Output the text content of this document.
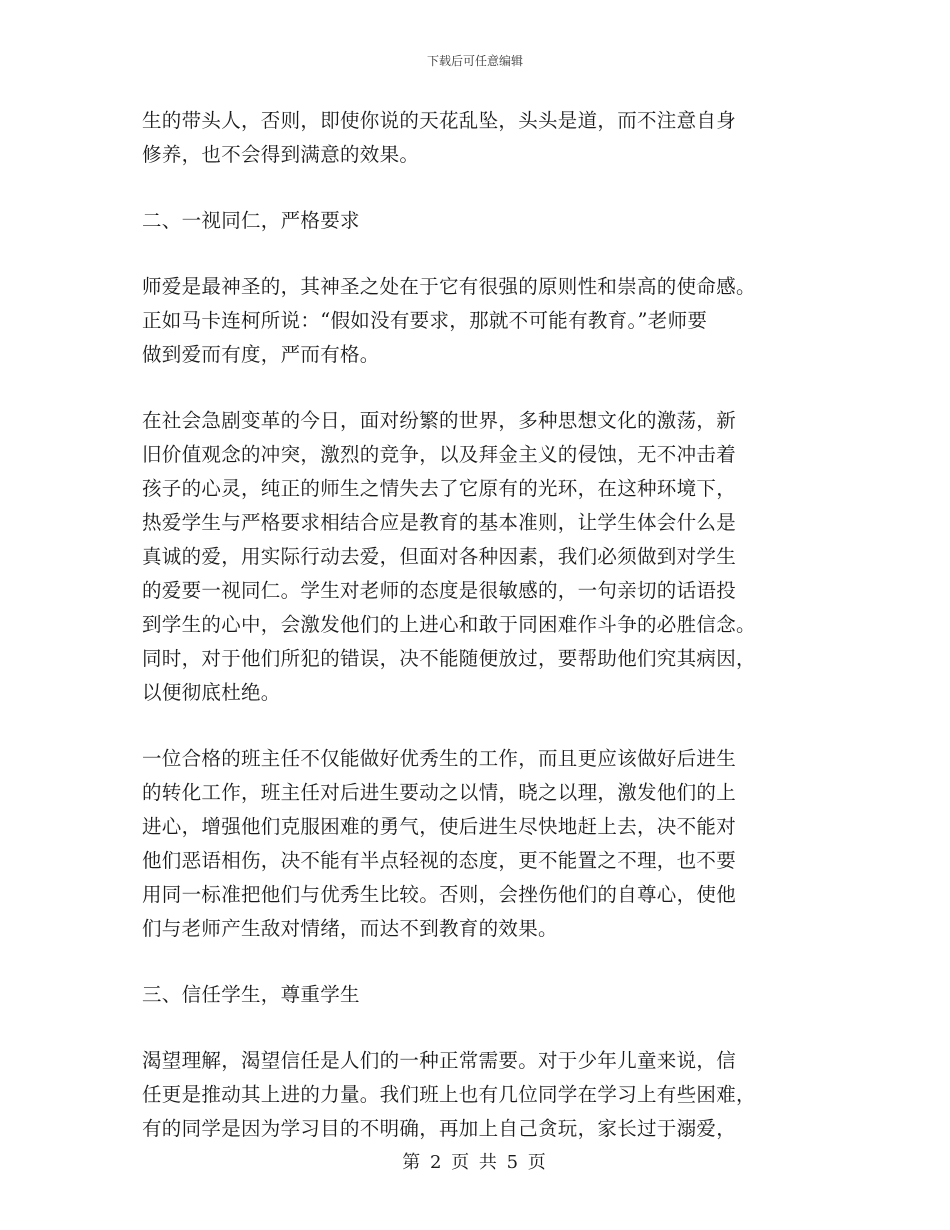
下载后可任意编辑
生的带头人，否则，即使你说的天花乱坠，头头是道，而不注意自身
修养，也不会得到满意的效果。
二、一视同仁，严格要求
师爱是最神圣的，其神圣之处在于它有很强的原则性和崇高的使命感。
正如马卡连柯所说：“假如没有要求，那就不可能有教育。”老师要
做到爱而有度，严而有格。
在社会急剧变革的今日，面对纷繁的世界，多种思想文化的激荡，新
旧价值观念的冲突，激烈的竞争，以及拜金主义的侵蚀，无不冲击着
孩子的心灵，纯正的师生之情失去了它原有的光环，在这种环境下，
热爱学生与严格要求相结合应是教育的基本准则，让学生体会什么是
真诚的爱，用实际行动去爱，但面对各种因素，我们必须做到对学生
的爱要一视同仁。学生对老师的态度是很敏感的，一句亲切的话语投
到学生的心中，会激发他们的上进心和敢于同困难作斗争的必胜信念。
同时，对于他们所犯的错误，决不能随便放过，要帮助他们究其病因，
以便彻底杜绝。
一位合格的班主任不仅能做好优秀生的工作，而且更应该做好后进生
的转化工作，班主任对后进生要动之以情，晓之以理，激发他们的上
进心，增强他们克服困难的勇气，使后进生尽快地赶上去，决不能对
他们恶语相伤，决不能有半点轻视的态度，更不能置之不理，也不要
用同一标准把他们与优秀生比较。否则，会挫伤他们的自尊心，使他
们与老师产生敌对情绪，而达不到教育的效果。
三、信任学生，尊重学生
渴望理解，渴望信任是人们的一种正常需要。对于少年儿童来说，信
任更是推动其上进的力量。我们班上也有几位同学在学习上有些困难，
有的同学是因为学习目的不明确，再加上自己贪玩，家长过于溺爱，
第 2 页 共 5 页
